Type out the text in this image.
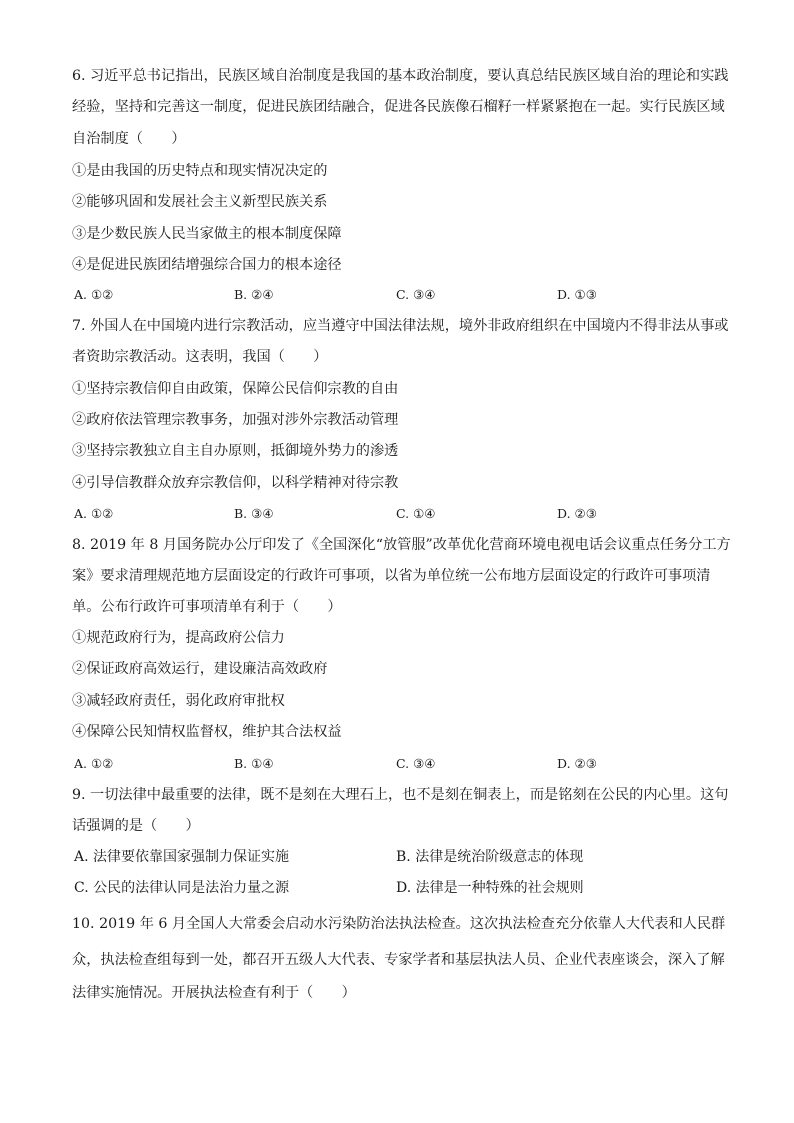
6. 习近平总书记指出，民族区域自治制度是我国的基本政治制度，要认真总结民族区域自治的理论和实践
经验，坚持和完善这一制度，促进民族团结融合，促进各民族像石榴籽一样紧紧抱在一起。实行民族区域
自治制度（　　）
①是由我国的历史特点和现实情况决定的
②能够巩固和发展社会主义新型民族关系
③是少数民族人民当家做主的根本制度保障
④是促进民族团结增强综合国力的根本途径
A. ①②	B. ②④	C. ③④	D. ①③
7. 外国人在中国境内进行宗教活动，应当遵守中国法律法规，境外非政府组织在中国境内不得非法从事或
者资助宗教活动。这表明，我国（　　）
①坚持宗教信仰自由政策，保障公民信仰宗教的自由
②政府依法管理宗教事务，加强对涉外宗教活动管理
③坚持宗教独立自主自办原则，抵御境外势力的渗透
④引导信教群众放弃宗教信仰，以科学精神对待宗教
A. ①②	B. ③④	C. ①④	D. ②③
8. 2019 年 8 月国务院办公厅印发了《全国深化“放管服”改革优化营商环境电视电话会议重点任务分工方
案》要求清理规范地方层面设定的行政许可事项，以省为单位统一公布地方层面设定的行政许可事项清
单。公布行政许可事项清单有利于（　　）
①规范政府行为，提高政府公信力
②保证政府高效运行，建设廉洁高效政府
③减轻政府责任，弱化政府审批权
④保障公民知情权监督权，维护其合法权益
A. ①②	B. ①④	C. ③④	D. ②③
9. 一切法律中最重要的法律，既不是刻在大理石上，也不是刻在铜表上，而是铭刻在公民的内心里。这句
话强调的是（　　）
A. 法律要依靠国家强制力保证实施	B. 法律是统治阶级意志的体现
C. 公民的法律认同是法治力量之源	D. 法律是一种特殊的社会规则
10. 2019 年 6 月全国人大常委会启动水污染防治法执法检查。这次执法检查充分依靠人大代表和人民群
众，执法检查组每到一处，都召开五级人大代表、专家学者和基层执法人员、企业代表座谈会，深入了解
法律实施情况。开展执法检查有利于（　　）
